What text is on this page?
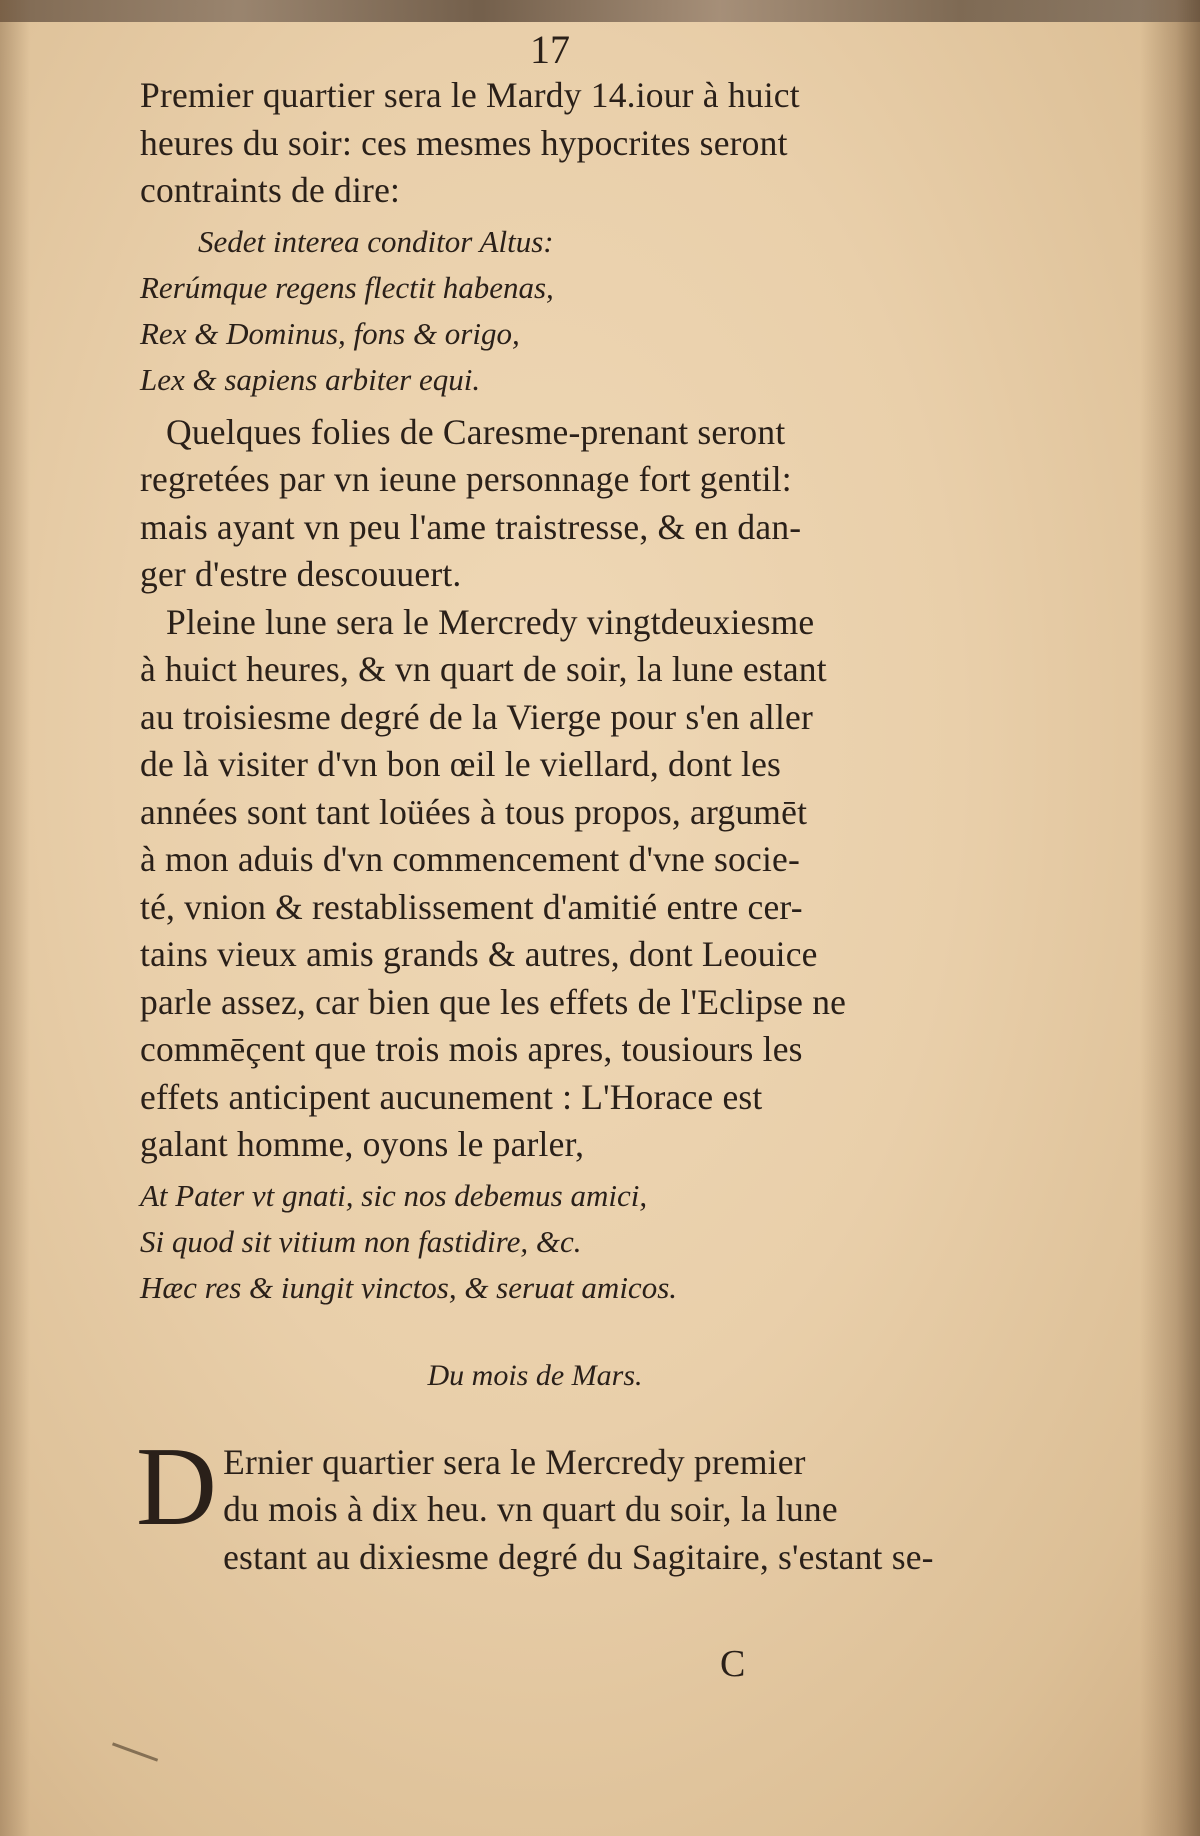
17
Premier quartier sera le Mardy 14.iour à huict
heures du soir: ces mesmes hypocrites seront
contraints de dire:
Sedet interea conditor Altus:
Rerúmque regens flectit habenas,
Rex & Dominus, fons & origo,
Lex & sapiens arbiter equi.
Quelques folies de Caresme-prenant seront
regretées par vn ieune personnage fort gentil:
mais ayant vn peu l'ame traistresse, & en dan-
ger d'estre descouuert.
Pleine lune sera le Mercredy vingtdeuxiesme
à huict heures, & vn quart de soir, la lune estant
au troisiesme degré de la Vierge pour s'en aller
de là visiter d'vn bon œil le viellard, dont les
années sont tant loüées à tous propos, argumēt
à mon aduis d'vn commencement d'vne socie-
té, vnion & restablissement d'amitié entre cer-
tains vieux amis grands & autres, dont Leouice
parle assez, car bien que les effets de l'Eclipse ne
commēçent que trois mois apres, tousiours les
effets anticipent aucunement : L'Horace est
galant homme, oyons le parler,
At Pater vt gnati, sic nos debemus amici,
Si quod sit vitium non fastidire, &c.
Hæc res & iungit vinctos, & seruat amicos.
Du mois de Mars.
D Ernier quartier sera le Mercredy premier
du mois à dix heu. vn quart du soir, la lune
estant au dixiesme degré du Sagitaire, s'estant se-
C
